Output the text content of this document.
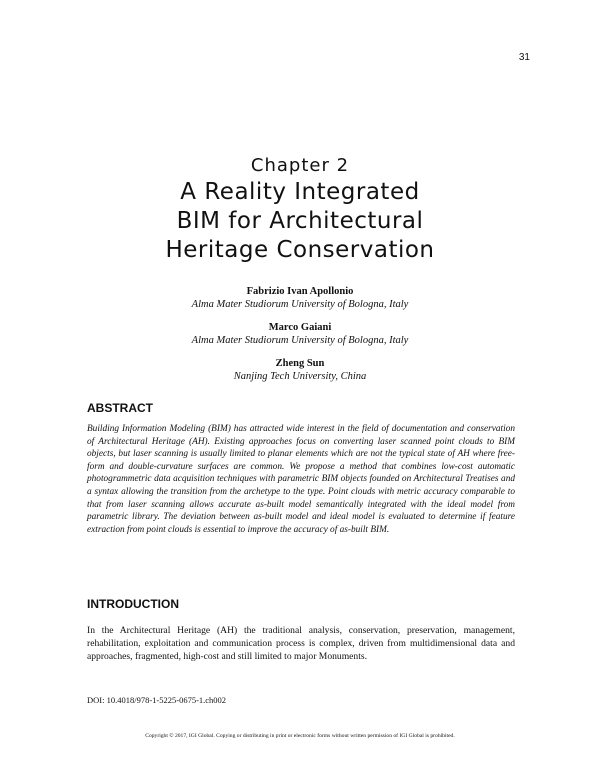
31
Chapter 2
A Reality Integrated
BIM for Architectural
Heritage Conservation
Fabrizio Ivan Apollonio
Alma Mater Studiorum University of Bologna, Italy
Marco Gaiani
Alma Mater Studiorum University of Bologna, Italy
Zheng Sun
Nanjing Tech University, China
ABSTRACT

Building Information Modeling (BIM) has attracted wide interest in the field of documentation and conservation of Architectural Heritage (AH). Existing approaches focus on converting laser scanned point clouds to BIM objects, but laser scanning is usually limited to planar elements which are not the typical state of AH where free-form and double-curvature surfaces are common. We propose a method that combines low-cost automatic photogrammetric data acquisition techniques with parametric BIM objects founded on Architectural Treatises and a syntax allowing the transition from the archetype to the type. Point clouds with metric accuracy comparable to that from laser scanning allows accurate as-built model semantically integrated with the ideal model from parametric library. The deviation between as-built model and ideal model is evaluated to determine if feature extraction from point clouds is essential to improve the accuracy of as-built BIM.

INTRODUCTION

In the Architectural Heritage (AH) the traditional analysis, conservation, preservation, management, rehabilitation, exploitation and communication process is complex, driven from multidimensional data and approaches, fragmented, high-cost and still limited to major Monuments.

DOI: 10.4018/978-1-5225-0675-1.ch002
Copyright © 2017, IGI Global. Copying or distributing in print or electronic forms without written permission of IGI Global is prohibited.
